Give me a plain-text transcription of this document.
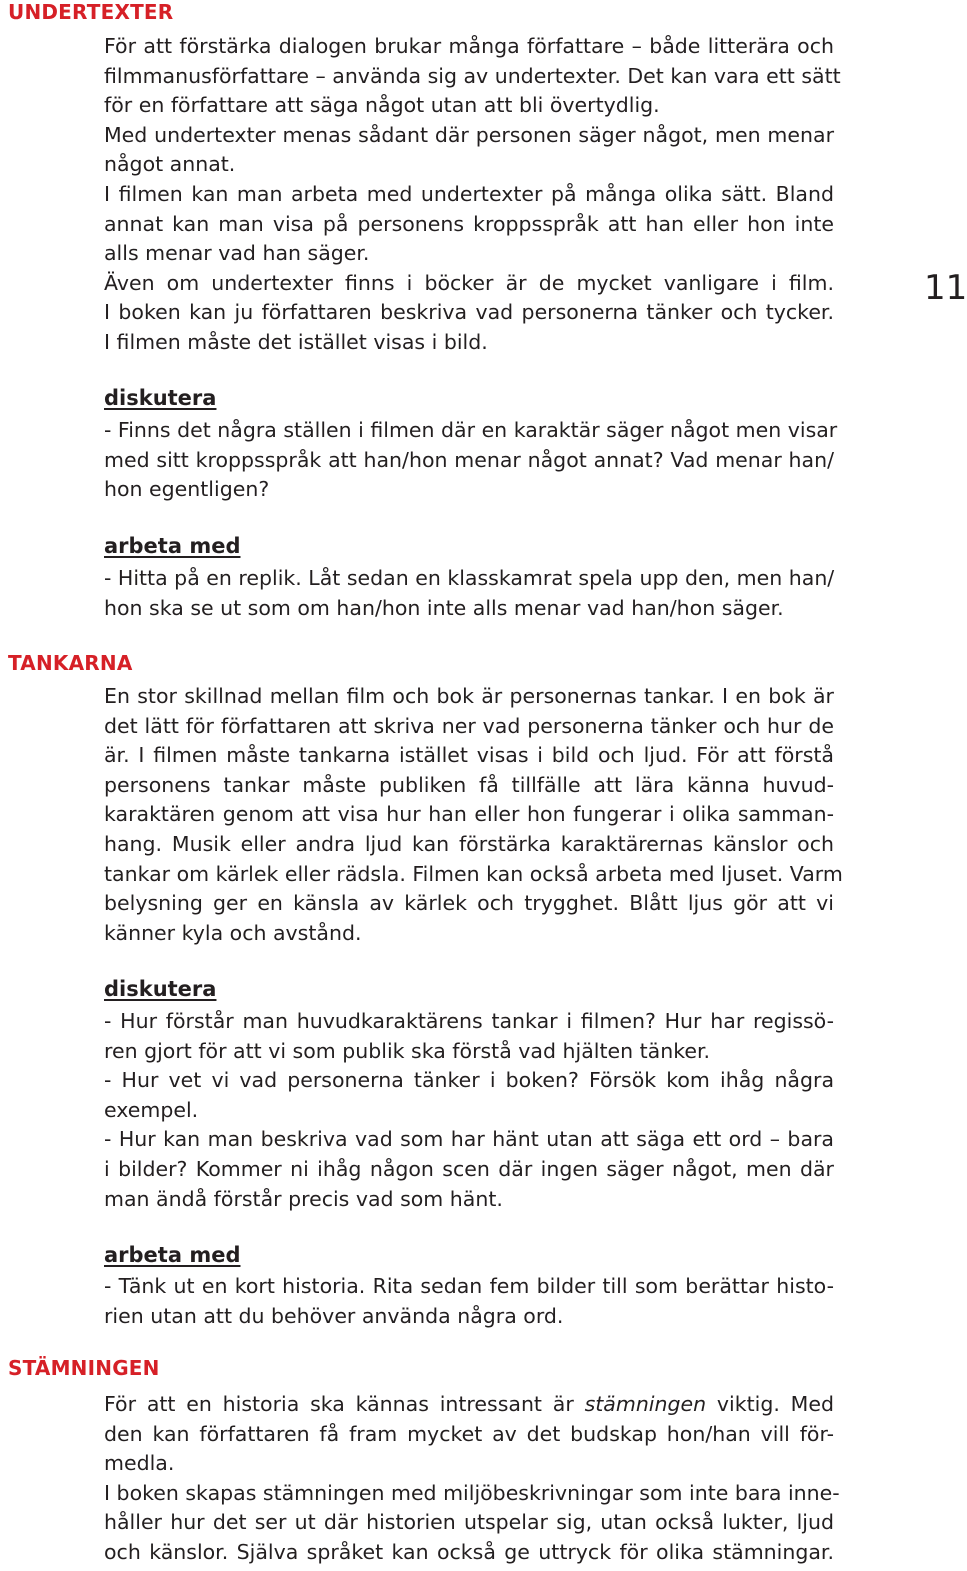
11
UNDERTEXTER
För att förstärka dialogen brukar många författare – både litterära och
filmmanusförfattare – använda sig av undertexter. Det kan vara ett sätt
för en författare att säga något utan att bli övertydlig.
Med undertexter menas sådant där personen säger något, men menar
något annat.
I filmen kan man arbeta med undertexter på många olika sätt. Bland
annat kan man visa på personens kroppsspråk att han eller hon inte
alls menar vad han säger.
Även om undertexter finns i böcker är de mycket vanligare i film.
I boken kan ju författaren beskriva vad personerna tänker och tycker.
I filmen måste det istället visas i bild.
diskutera
- Finns det några ställen i filmen där en karaktär säger något men visar
med sitt kroppsspråk att han/hon menar något annat? Vad menar han/
hon egentligen?
arbeta med
- Hitta på en replik. Låt sedan en klasskamrat spela upp den, men han/
hon ska se ut som om han/hon inte alls menar vad han/hon säger.
TANKARNA
En stor skillnad mellan film och bok är personernas tankar. I en bok är
det lätt för författaren att skriva ner vad personerna tänker och hur de
är. I filmen måste tankarna istället visas i bild och ljud. För att förstå
personens tankar måste publiken få tillfälle att lära känna huvud-
karaktären genom att visa hur han eller hon fungerar i olika samman-
hang. Musik eller andra ljud kan förstärka karaktärernas känslor och
tankar om kärlek eller rädsla. Filmen kan också arbeta med ljuset. Varm
belysning ger en känsla av kärlek och trygghet. Blått ljus gör att vi
känner kyla och avstånd.
diskutera
- Hur förstår man huvudkaraktärens tankar i filmen? Hur har regissö-
ren gjort för att vi som publik ska förstå vad hjälten tänker.
- Hur vet vi vad personerna tänker i boken? Försök kom ihåg några
exempel.
- Hur kan man beskriva vad som har hänt utan att säga ett ord – bara
i bilder? Kommer ni ihåg någon scen där ingen säger något, men där
man ändå förstår precis vad som hänt.
arbeta med
- Tänk ut en kort historia. Rita sedan fem bilder till som berättar histo-
rien utan att du behöver använda några ord.
STÄMNINGEN
För att en historia ska kännas intressant är stämningen viktig. Med
den kan författaren få fram mycket av det budskap hon/han vill för-
medla.
I boken skapas stämningen med miljöbeskrivningar som inte bara inne-
håller hur det ser ut där historien utspelar sig, utan också lukter, ljud
och känslor. Själva språket kan också ge uttryck för olika stämningar.
